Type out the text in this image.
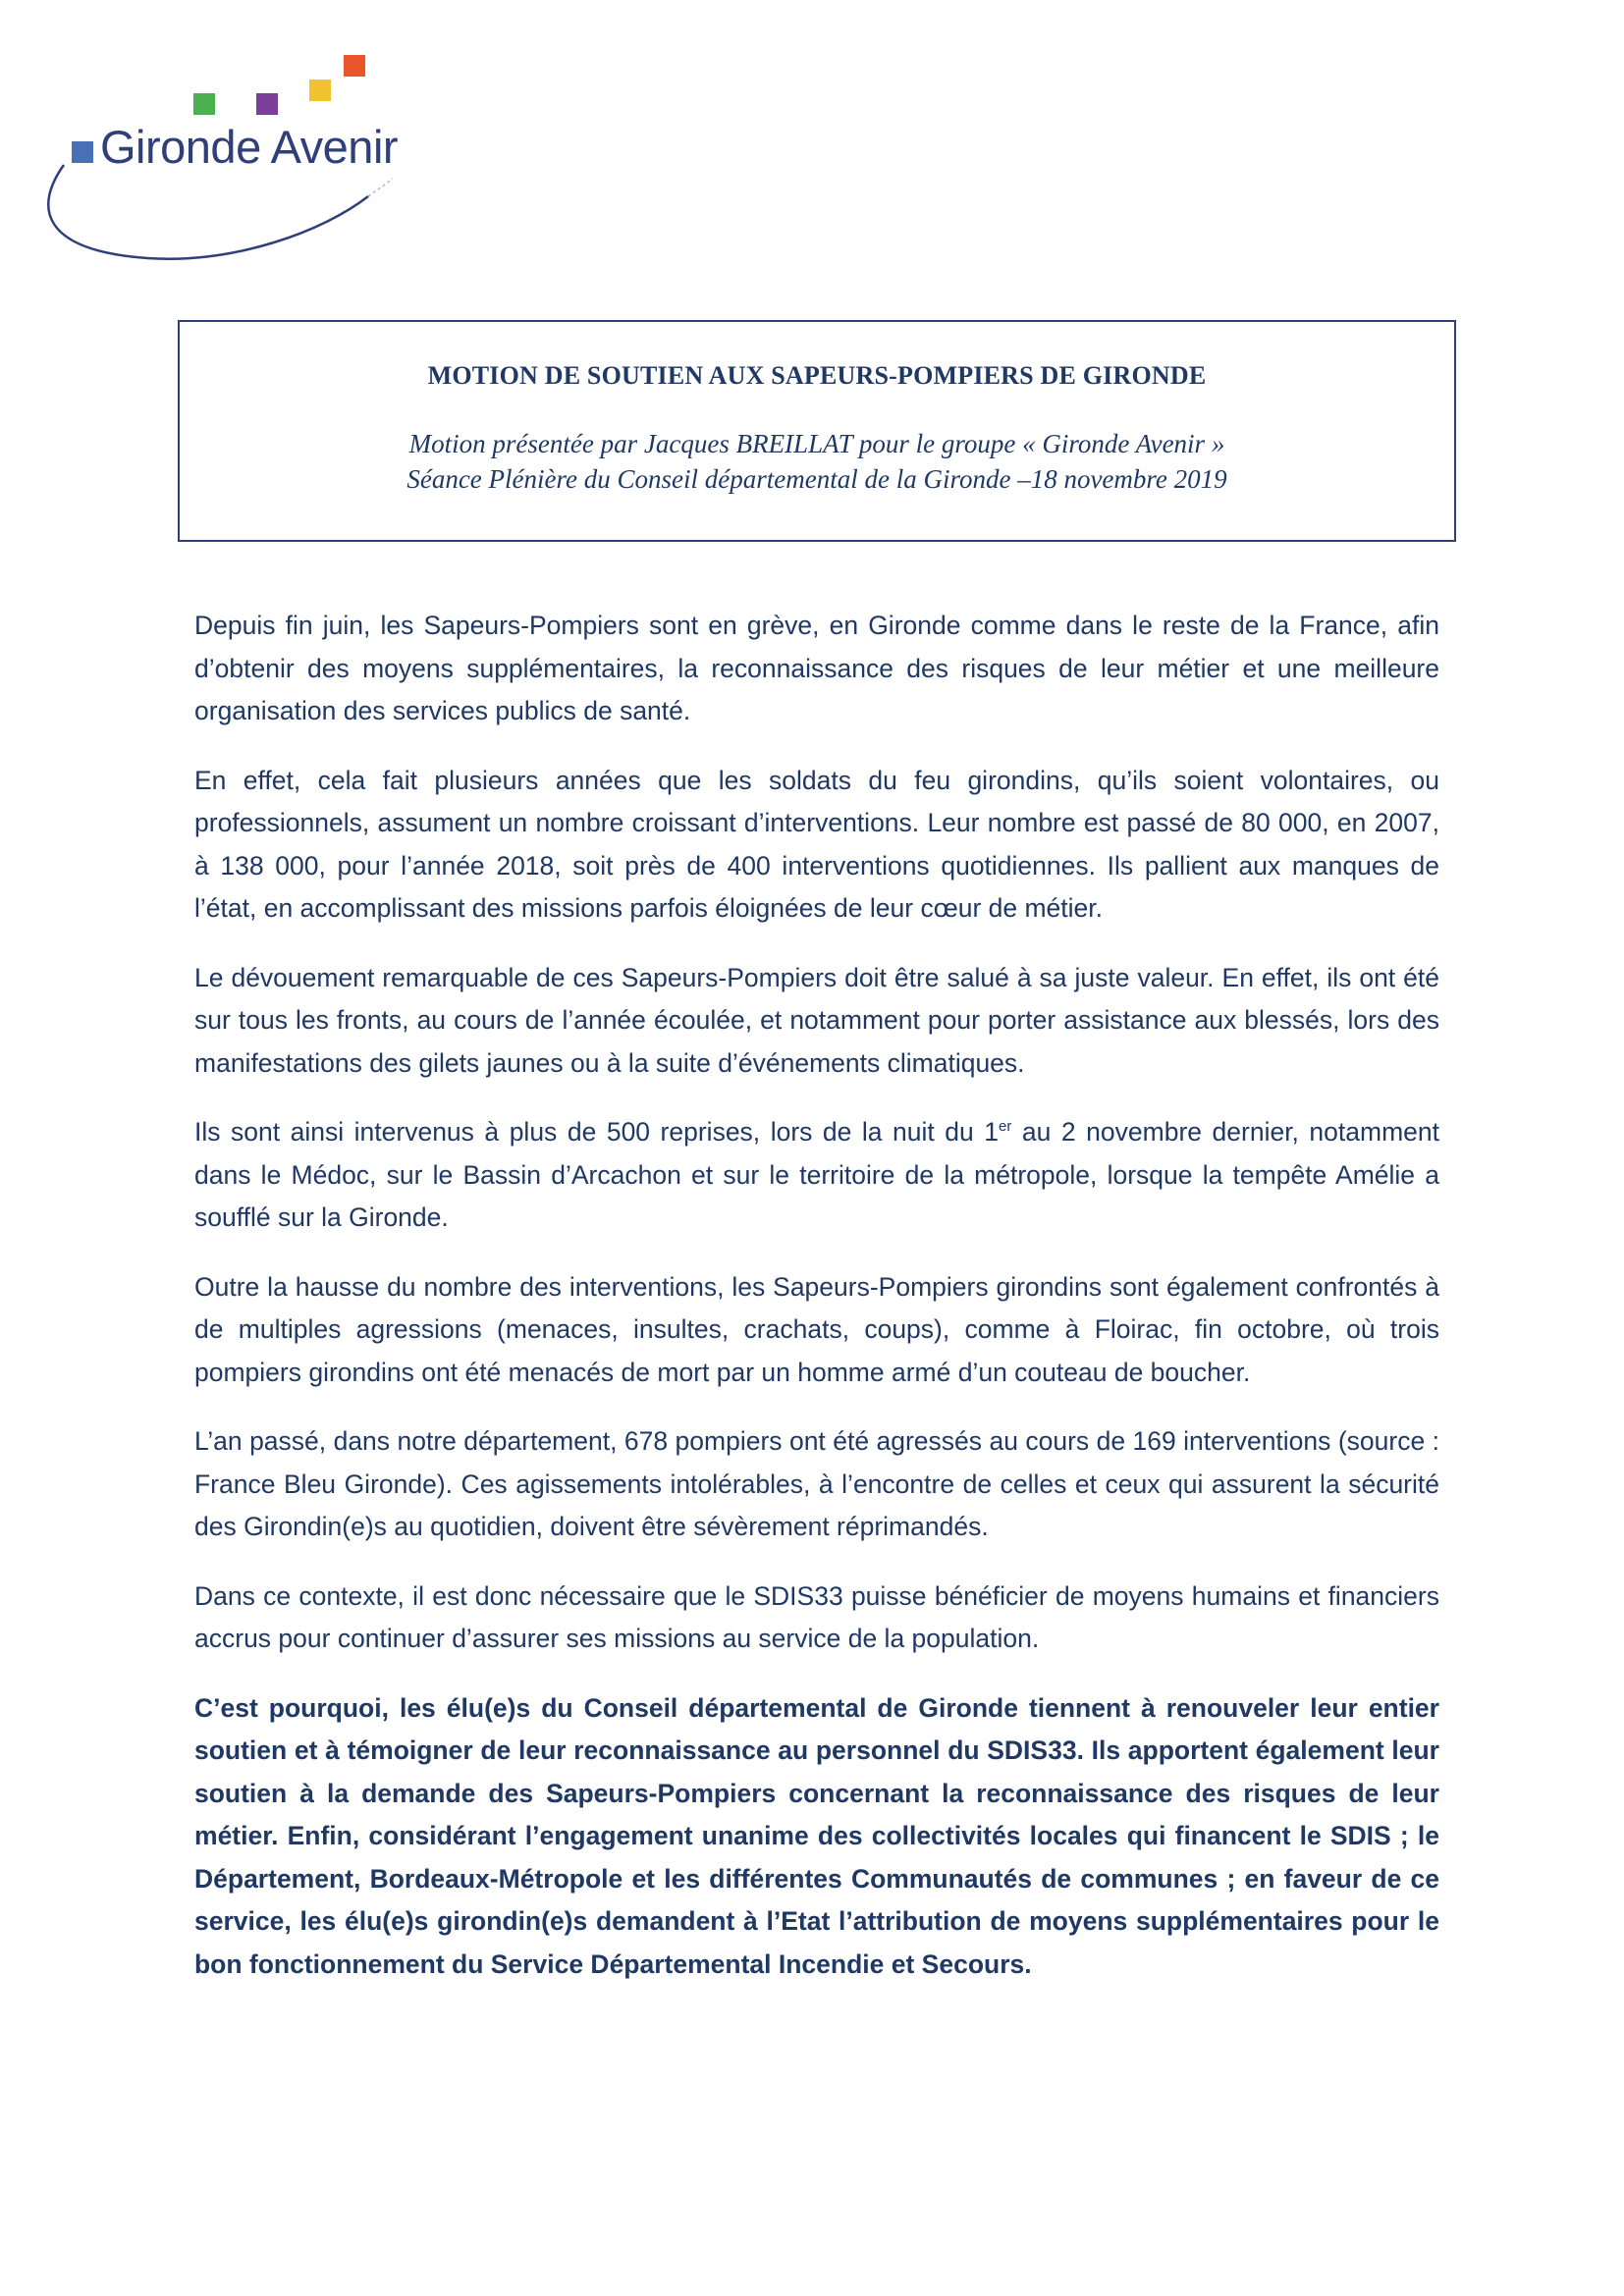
Gironde Avenir
MOTION DE SOUTIEN AUX SAPEURS-POMPIERS DE GIRONDE
Motion présentée par Jacques BREILLAT pour le groupe « Gironde Avenir »
Séance Plénière du Conseil départemental de la Gironde –18 novembre 2019

Depuis fin juin, les Sapeurs-Pompiers sont en grève, en Gironde comme dans le reste de la France, afin d’obtenir des moyens supplémentaires, la reconnaissance des risques de leur métier et une meilleure organisation des services publics de santé.

En effet, cela fait plusieurs années que les soldats du feu girondins, qu’ils soient volontaires, ou professionnels, assument un nombre croissant d’interventions. Leur nombre est passé de 80 000, en 2007, à 138 000, pour l’année 2018, soit près de 400 interventions quotidiennes. Ils pallient aux manques de l’état, en accomplissant des missions parfois éloignées de leur cœur de métier.

Le dévouement remarquable de ces Sapeurs-Pompiers doit être salué à sa juste valeur. En effet, ils ont été sur tous les fronts, au cours de l’année écoulée, et notamment pour porter assistance aux blessés, lors des manifestations des gilets jaunes ou à la suite d’événements climatiques.

Ils sont ainsi intervenus à plus de 500 reprises, lors de la nuit du 1er au 2 novembre dernier, notamment dans le Médoc, sur le Bassin d’Arcachon et sur le territoire de la métropole, lorsque la tempête Amélie a soufflé sur la Gironde.

Outre la hausse du nombre des interventions, les Sapeurs-Pompiers girondins sont également confrontés à de multiples agressions (menaces, insultes, crachats, coups), comme à Floirac, fin octobre, où trois pompiers girondins ont été menacés de mort par un homme armé d’un couteau de boucher.

L’an passé, dans notre département, 678 pompiers ont été agressés au cours de 169 interventions (source : France Bleu Gironde). Ces agissements intolérables, à l’encontre de celles et ceux qui assurent la sécurité des Girondin(e)s au quotidien, doivent être sévèrement réprimandés.

Dans ce contexte, il est donc nécessaire que le SDIS33 puisse bénéficier de moyens humains et financiers accrus pour continuer d’assurer ses missions au service de la population.

C’est pourquoi, les élu(e)s du Conseil départemental de Gironde tiennent à renouveler leur entier soutien et à témoigner de leur reconnaissance au personnel du SDIS33. Ils apportent également leur soutien à la demande des Sapeurs-Pompiers concernant la reconnaissance des risques de leur métier. Enfin, considérant l’engagement unanime des collectivités locales qui financent le SDIS ; le Département, Bordeaux-Métropole et les différentes Communautés de communes ; en faveur de ce service, les élu(e)s girondin(e)s demandent à l’Etat l’attribution de moyens supplémentaires pour le bon fonctionnement du Service Départemental Incendie et Secours.
